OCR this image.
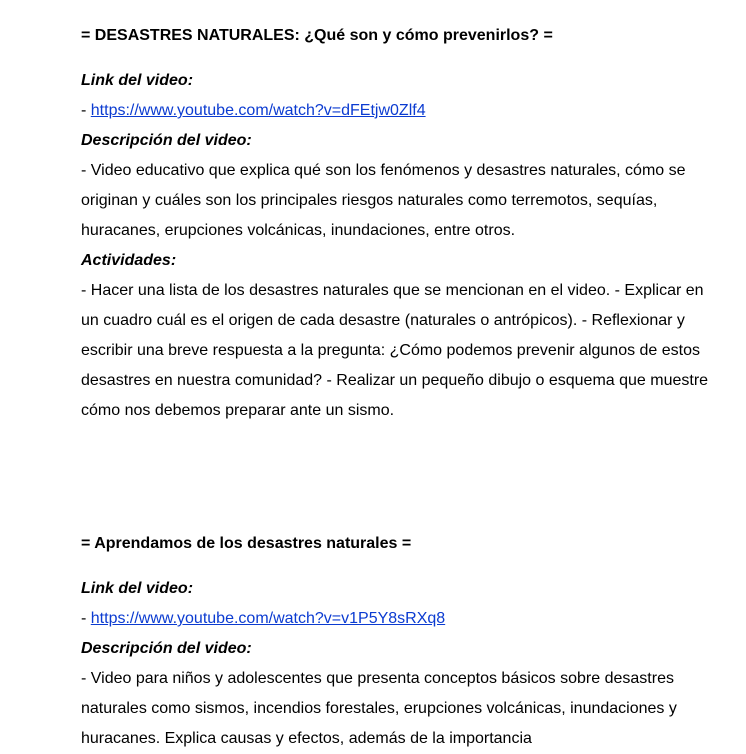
= DESASTRES NATURALES: ¿Qué son y cómo prevenirlos? =

Link del video:

- https://www.youtube.com/watch?v=dFEtjw0Zlf4

Descripción del video:

- Video educativo que explica qué son los fenómenos y desastres naturales, cómo se originan y cuáles son los principales riesgos naturales como terremotos, sequías, huracanes, erupciones volcánicas, inundaciones, entre otros.

Actividades:

- Hacer una lista de los desastres naturales que se mencionan en el video. - Explicar en un cuadro cuál es el origen de cada desastre (naturales o antrópicos). - Reflexionar y escribir una breve respuesta a la pregunta: ¿Cómo podemos prevenir algunos de estos desastres en nuestra comunidad? - Realizar un pequeño dibujo o esquema que muestre cómo nos debemos preparar ante un sismo.

= Aprendamos de los desastres naturales =

Link del video:

- https://www.youtube.com/watch?v=v1P5Y8sRXq8

Descripción del video:

- Video para niños y adolescentes que presenta conceptos básicos sobre desastres naturales como sismos, incendios forestales, erupciones volcánicas, inundaciones y huracanes. Explica causas y efectos, además de la importancia
